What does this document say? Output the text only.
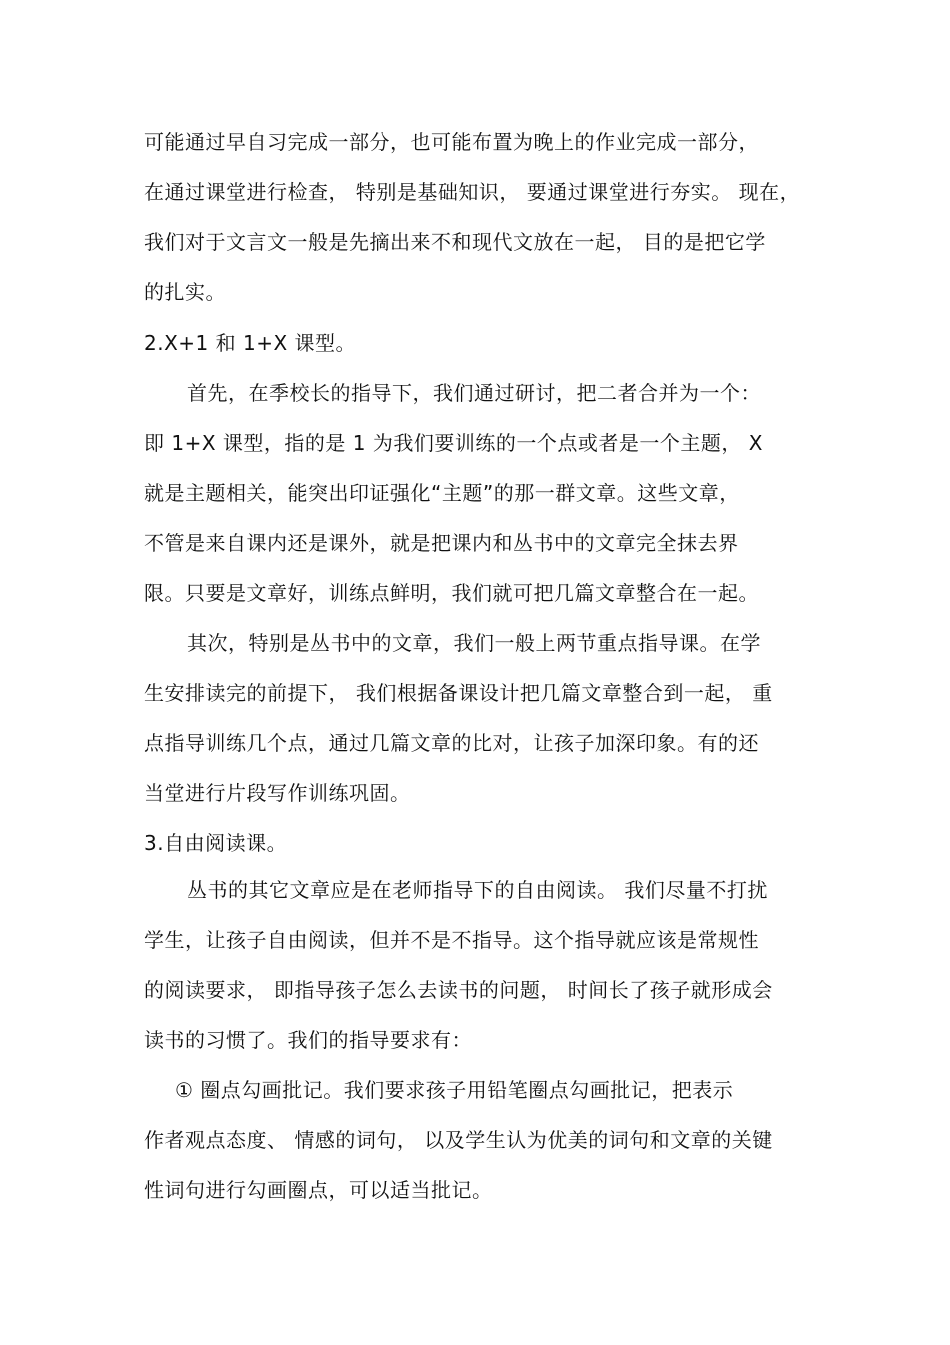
可能通过早自习完成一部分，也可能布置为晚上的作业完成一部分，
在通过课堂进行检查， 特别是基础知识， 要通过课堂进行夯实。 现在，
我们对于文言文一般是先摘出来不和现代文放在一起， 目的是把它学
的扎实。
2.X+1 和 1+X 课型。
首先，在季校长的指导下，我们通过研讨，把二者合并为一个：
即 1+X 课型，指的是 1 为我们要训练的一个点或者是一个主题， X
就是主题相关，能突出印证强化“主题”的那一群文章。这些文章，
不管是来自课内还是课外，就是把课内和丛书中的文章完全抹去界
限。只要是文章好，训练点鲜明，我们就可把几篇文章整合在一起。
其次，特别是丛书中的文章，我们一般上两节重点指导课。在学
生安排读完的前提下， 我们根据备课设计把几篇文章整合到一起， 重
点指导训练几个点，通过几篇文章的比对，让孩子加深印象。有的还
当堂进行片段写作训练巩固。
3.自由阅读课。
丛书的其它文章应是在老师指导下的自由阅读。 我们尽量不打扰
学生，让孩子自由阅读，但并不是不指导。这个指导就应该是常规性
的阅读要求， 即指导孩子怎么去读书的问题， 时间长了孩子就形成会
读书的习惯了。我们的指导要求有：
① 圈点勾画批记。我们要求孩子用铅笔圈点勾画批记，把表示
作者观点态度、 情感的词句， 以及学生认为优美的词句和文章的关键
性词句进行勾画圈点，可以适当批记。
